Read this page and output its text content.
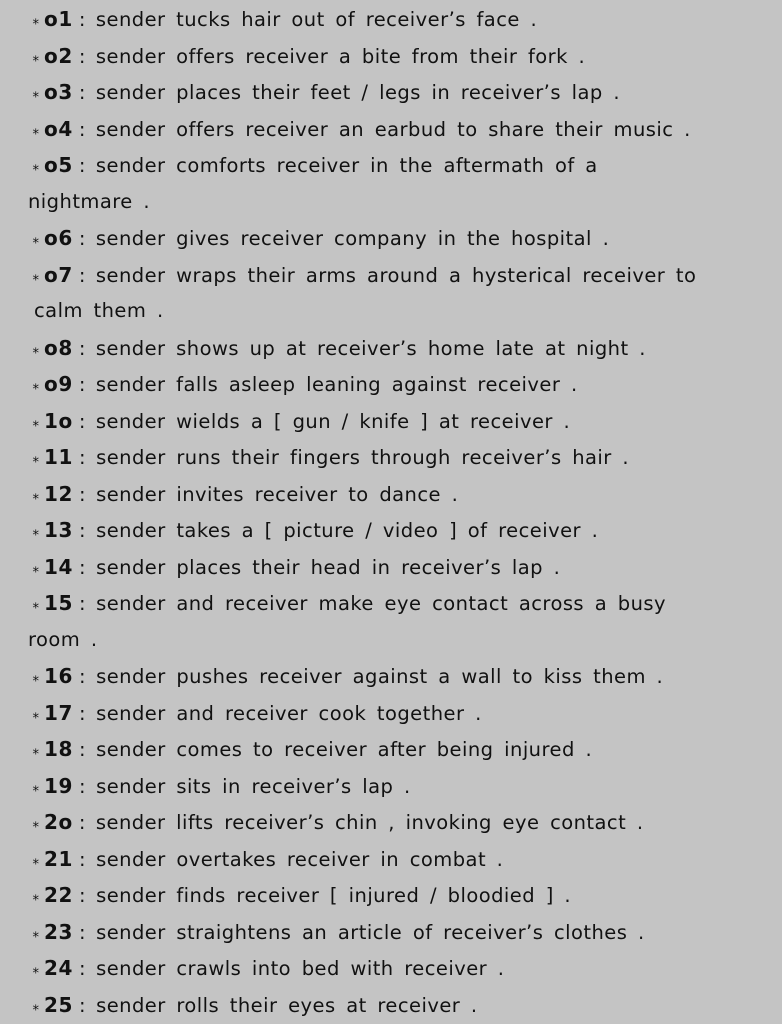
⁎ o1 : sender tucks hair out of receiver’s face .
⁎ o2 : sender offers receiver a bite from their fork .
⁎ o3 : sender places their feet / legs in receiver’s lap .
⁎ o4 : sender offers receiver an earbud to share their music .
⁎ o5 : sender comforts receiver in the aftermath of a
nightmare .
⁎ o6 : sender gives receiver company in the hospital .
⁎ o7 : sender wraps their arms around a hysterical receiver to
calm them .
⁎ o8 : sender shows up at receiver’s home late at night .
⁎ o9 : sender falls asleep leaning against receiver .
⁎ 1o : sender wields a [ gun / knife ] at receiver .
⁎ 11 : sender runs their fingers through receiver’s hair .
⁎ 12 : sender invites receiver to dance .
⁎ 13 : sender takes a [ picture / video ] of receiver .
⁎ 14 : sender places their head in receiver’s lap .
⁎ 15 : sender and receiver make eye contact across a busy
room .
⁎ 16 : sender pushes receiver against a wall to kiss them .
⁎ 17 : sender and receiver cook together .
⁎ 18 : sender comes to receiver after being injured .
⁎ 19 : sender sits in receiver’s lap .
⁎ 2o : sender lifts receiver’s chin , invoking eye contact .
⁎ 21 : sender overtakes receiver in combat .
⁎ 22 : sender finds receiver [ injured / bloodied ] .
⁎ 23 : sender straightens an article of receiver’s clothes .
⁎ 24 : sender crawls into bed with receiver .
⁎ 25 : sender rolls their eyes at receiver .
